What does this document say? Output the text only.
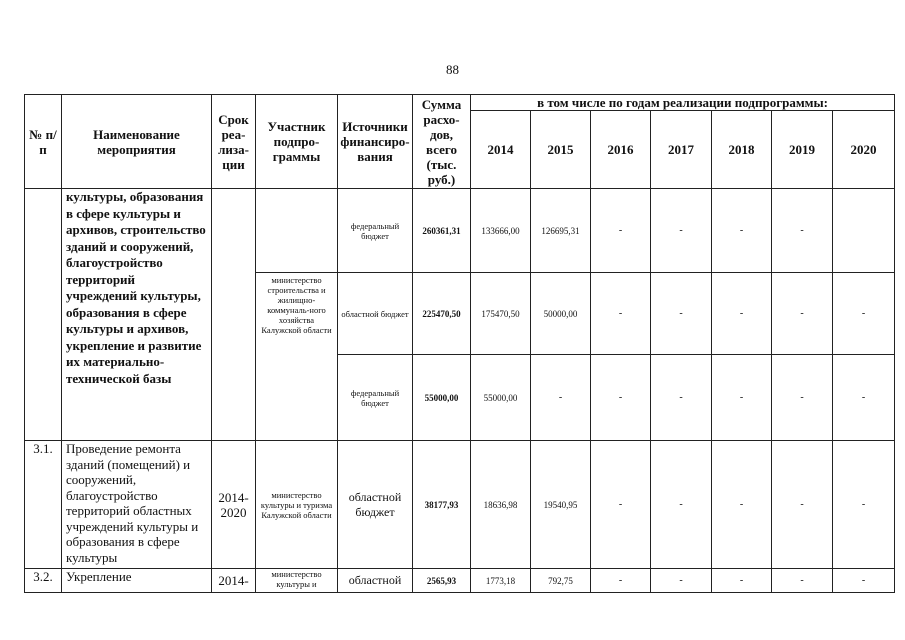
88
№ п/п	Наименование мероприятия	Срок реа-лиза-ции	Участник подпро-граммы	Источники финансиро-вания	Сумма расхо-дов, всего (тыс. руб.)	в том числе по годам реализации подпрограммы:						
						2014	2015	2016	2017	2018	2019	2020
	культуры, образования в сфере культуры и архивов, строительство зданий и сооружений, благоустройство территорий учреждений культуры, образования в сфере культуры и архивов, укрепление и развитие их материально-технической базы			федеральный бюджет	260361,31	133666,00	126695,31	-	-	-	-	
			министерство строительства и жилищно-коммуналь-ного хозяйства Калужской области	областной бюджет	225470,50	175470,50	50000,00	-	-	-	-	-
				федеральный бюджет	55000,00	55000,00	-	-	-	-	-	-
3.1.	Проведение ремонта зданий (помещений) и сооружений, благоустройство территорий областных учреждений культуры и образования в сфере культуры	2014-2020	министерство культуры и туризма Калужской области	областной бюджет	38177,93	18636,98	19540,95	-	-	-	-	-
3.2.	Укрепление	2014-	министерство культуры и	областной	2565,93	1773,18	792,75	-	-	-	-	-
